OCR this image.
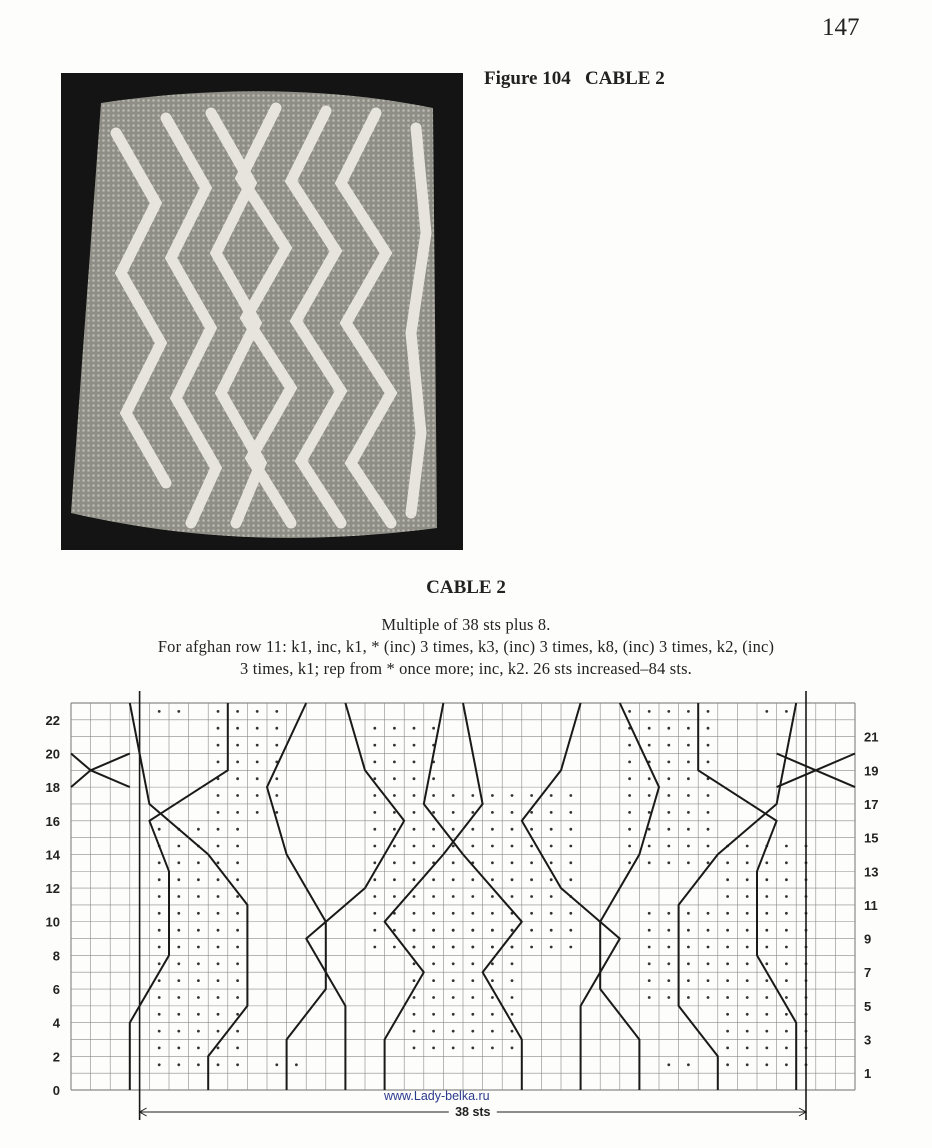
147
Figure 104 CABLE 2
CABLE 2
Multiple of 38 sts plus 8.
For afghan row 11: k1, inc, k1, * (inc) 3 times, k3, (inc) 3 times, k8, (inc) 3 times, k2, (inc)
3 times, k1; rep from * once more; inc, k2. 26 sts increased–84 sts.
22
20
18
16
14
12
10
8
6
4
2
0
21
19
17
15
13
11
9
7
5
3
1
38 sts
www.Lady-belka.ru
